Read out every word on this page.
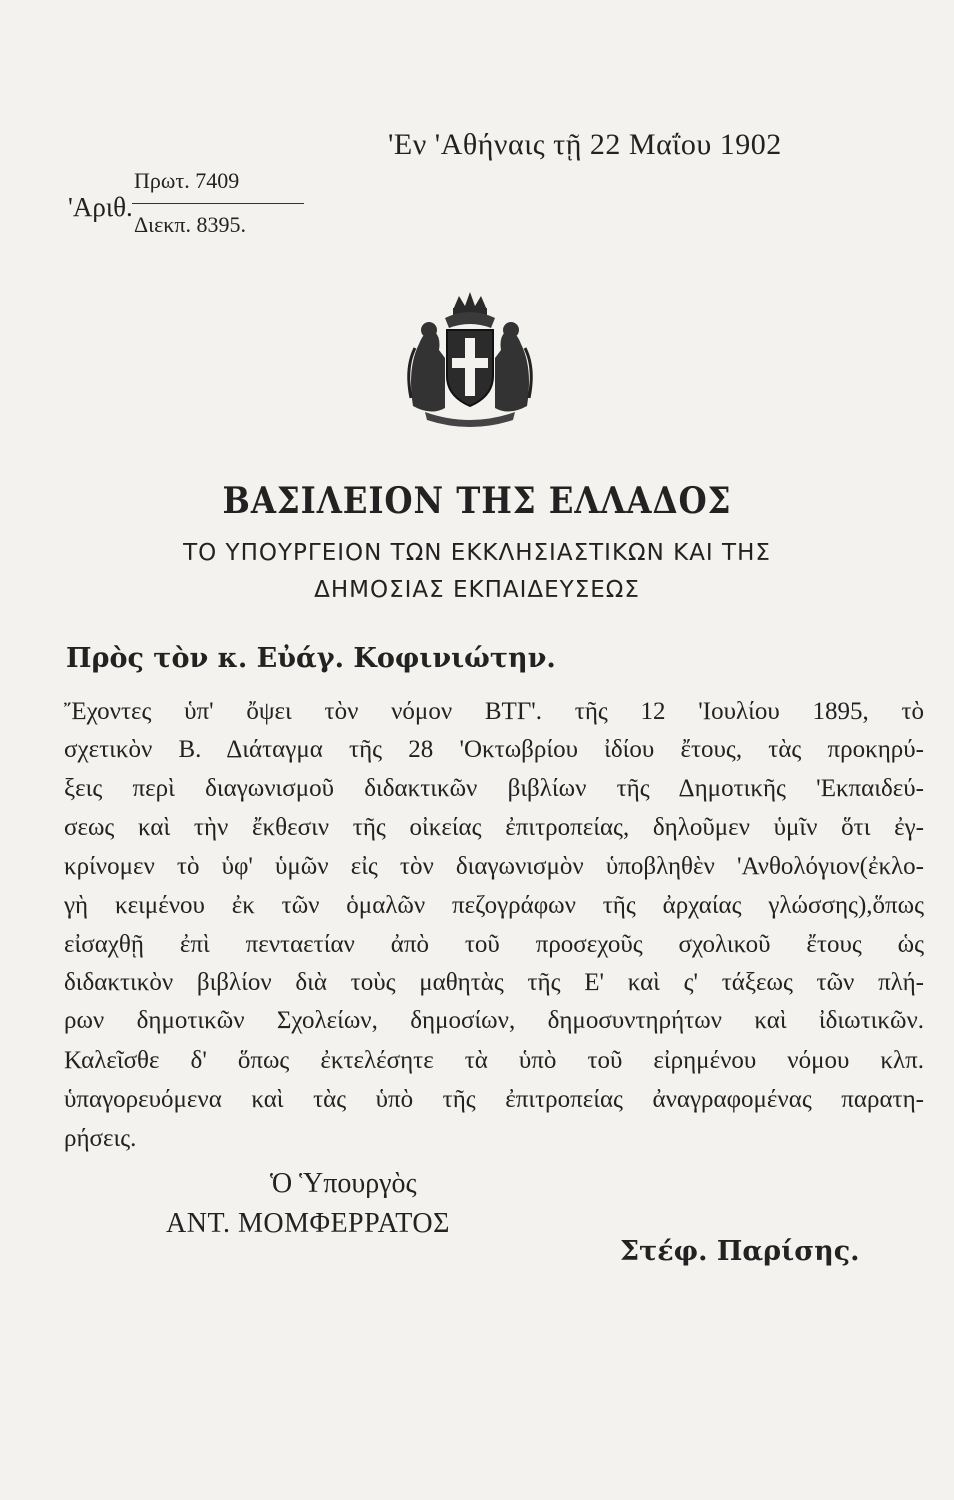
'Εν 'Αθήναις τῇ 22 Μαΐου 1902
'Αριθ.
Πρωτ. 7409
Διεκπ. 8395.
ΒΑΣΙΛΕΙΟΝ ΤΗΣ ΕΛΛΑΔΟΣ
ΤΟ ΥΠΟΥΡΓΕΙΟΝ ΤΩΝ ΕΚΚΛΗΣΙΑΣΤΙΚΩΝ ΚΑΙ ΤΗΣ
ΔΗΜΟΣΙΑΣ ΕΚΠΑΙΔΕΥΣΕΩΣ
Πρὸς τὸν κ. Εὐάγ. Κοφινιώτην.
Ἔχοντες ὑπ' ὄψει τὸν νόμον ΒΤΓ'. τῆς 12 'Ιουλίου 1895, τὸ
σχετικὸν Β. Διάταγμα τῆς 28 'Οκτωβρίου ἰδίου ἔτους, τὰς προκηρύ-
ξεις περὶ διαγωνισμοῦ διδακτικῶν βιβλίων τῆς Δημοτικῆς 'Εκπαιδεύ-
σεως καὶ τὴν ἔκθεσιν τῆς οἰκείας ἐπιτροπείας, δηλοῦμεν ὑμῖν ὅτι ἐγ-
κρίνομεν τὸ ὑφ' ὑμῶν εἰς τὸν διαγωνισμὸν ὑποβληθὲν 'Ανθολόγιον(ἐκλο-
γὴ κειμένου ἐκ τῶν ὁμαλῶν πεζογράφων τῆς ἀρχαίας γλώσσης),ὅπως
εἰσαχθῇ ἐπὶ πενταετίαν ἀπὸ τοῦ προσεχοῦς σχολικοῦ ἔτους ὡς
διδακτικὸν βιβλίον διὰ τοὺς μαθητὰς τῆς Ε' καὶ ς' τάξεως τῶν πλή-
ρων δημοτικῶν Σχολείων, δημοσίων, δημοσυντηρήτων καὶ ἰδιωτικῶν.
Καλεῖσθε δ' ὅπως ἐκτελέσητε τὰ ὑπὸ τοῦ εἰρημένου νόμου κλπ.
ὑπαγορευόμενα καὶ τὰς ὑπὸ τῆς ἐπιτροπείας ἀναγραφομένας παρατη-
ρήσεις.
Ὁ Ὑπουργὸς
ΑΝΤ. ΜΟΜΦΕΡΡΑΤΟΣ
Στέφ. Παρίσης.
